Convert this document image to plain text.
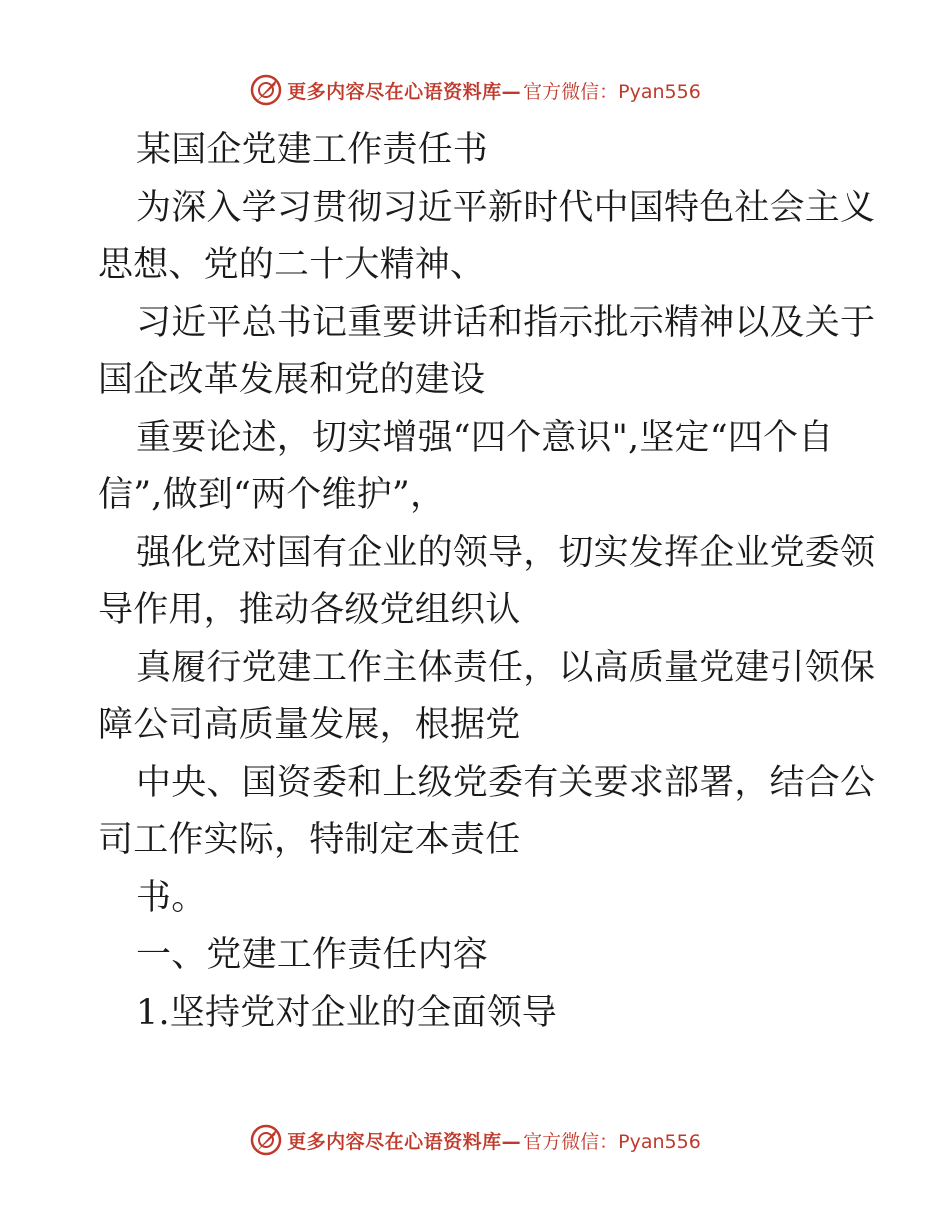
更多内容尽在心语资料库— 官方微信：Pyan556
某国企党建工作责任书
为深入学习贯彻习近平新时代中国特色社会主义
思想、党的二十大精神、
习近平总书记重要讲话和指示批示精神以及关于
国企改革发展和党的建设
重要论述，切实增强“四个意识",坚定“四个自
信”,做到“两个维护”，
强化党对国有企业的领导，切实发挥企业党委领
导作用，推动各级党组织认
真履行党建工作主体责任，以高质量党建引领保
障公司高质量发展，根据党
中央、国资委和上级党委有关要求部署，结合公
司工作实际，特制定本责任
书。
一、党建工作责任内容
1.坚持党对企业的全面领导
更多内容尽在心语资料库— 官方微信：Pyan556
